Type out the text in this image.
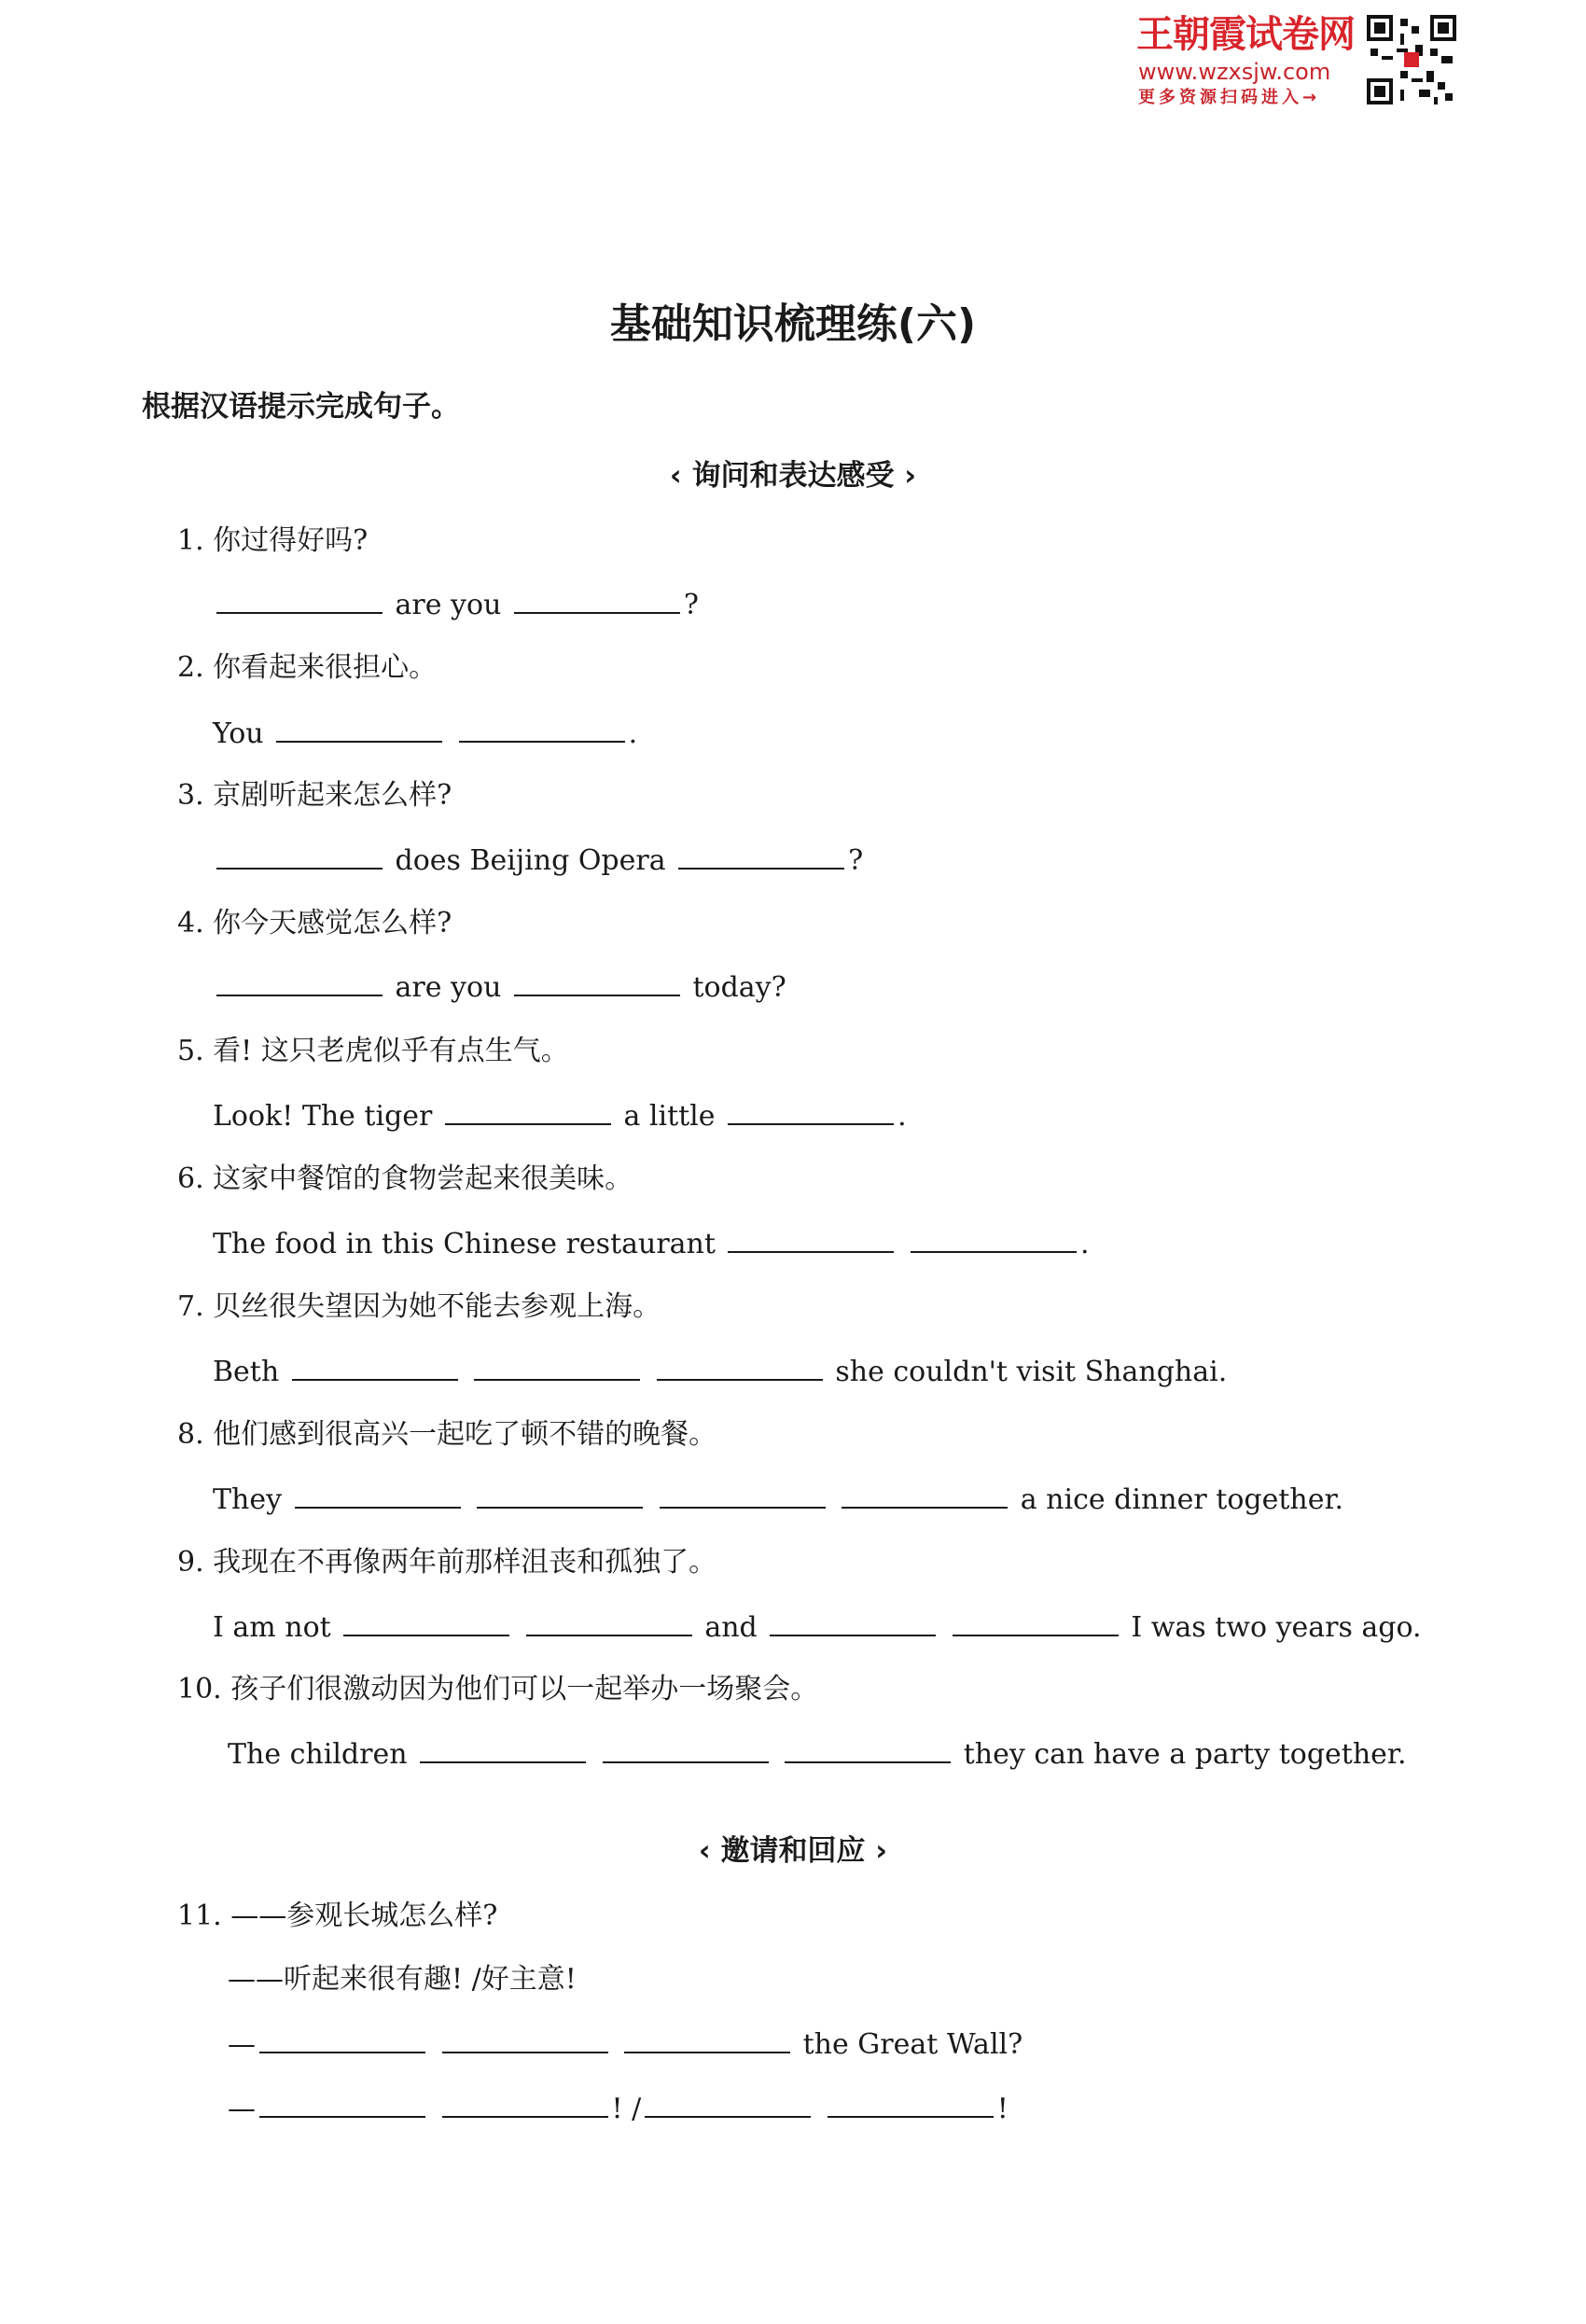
王朝霞试卷网
www.wzxsjw.com
更多资源扫码进入→
基础知识梳理练(六)
根据汉语提示完成句子。
‹ 询问和表达感受 ›
1. 你过得好吗?
are you	?
2. 你看起来很担心。
You	.
3. 京剧听起来怎么样?
does Beijing Opera	?
4. 你今天感觉怎么样?
are you	today?
5. 看! 这只老虎似乎有点生气。
Look! The tiger	a little	.
6. 这家中餐馆的食物尝起来很美味。
The food in this Chinese restaurant	.
7. 贝丝很失望因为她不能去参观上海。
Beth	she couldn't visit Shanghai.
8. 他们感到很高兴一起吃了顿不错的晚餐。
They	a nice dinner together.
9. 我现在不再像两年前那样沮丧和孤独了。
I am not	and	I was two years ago.
10. 孩子们很激动因为他们可以一起举办一场聚会。
The children	they can have a party together.
‹ 邀请和回应 ›
11. ——参观长城怎么样?
——听起来很有趣! /好主意!
—	the Great Wall?
—	! /	!
